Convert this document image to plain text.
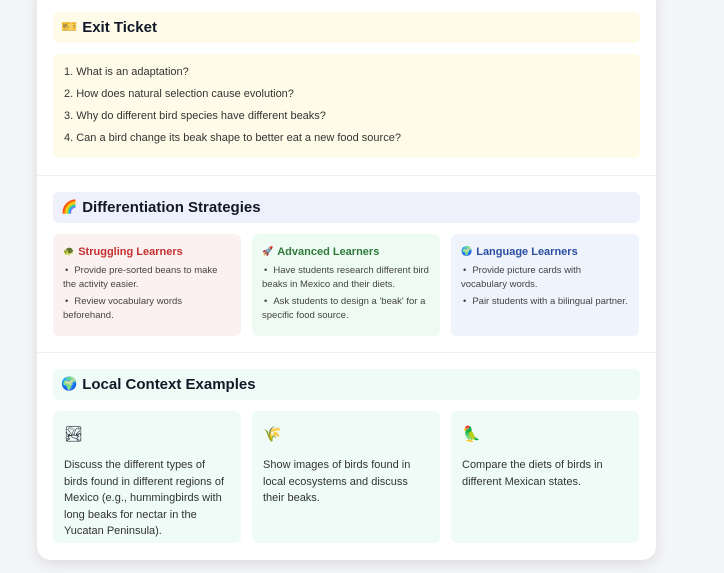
🎫 Exit Ticket
1. What is an adaptation?
2. How does natural selection cause evolution?
3. Why do different bird species have different beaks?
4. Can a bird change its beak shape to better eat a new food source?
🌈 Differentiation Strategies
🐢 Struggling Learners
• Provide pre-sorted beans to make the activity easier.
• Review vocabulary words beforehand.
🚀 Advanced Learners
• Have students research different bird beaks in Mexico and their diets.
• Ask students to design a 'beak' for a specific food source.
🌍 Language Learners
• Provide picture cards with vocabulary words.
• Pair students with a bilingual partner.
🌍 Local Context Examples
🏞

Discuss the different types of birds found in different regions of Mexico (e.g., hummingbirds with long beaks for nectar in the Yucatan Peninsula).

🌾

Show images of birds found in local ecosystems and discuss their beaks.

🦜

Compare the diets of birds in different Mexican states.
